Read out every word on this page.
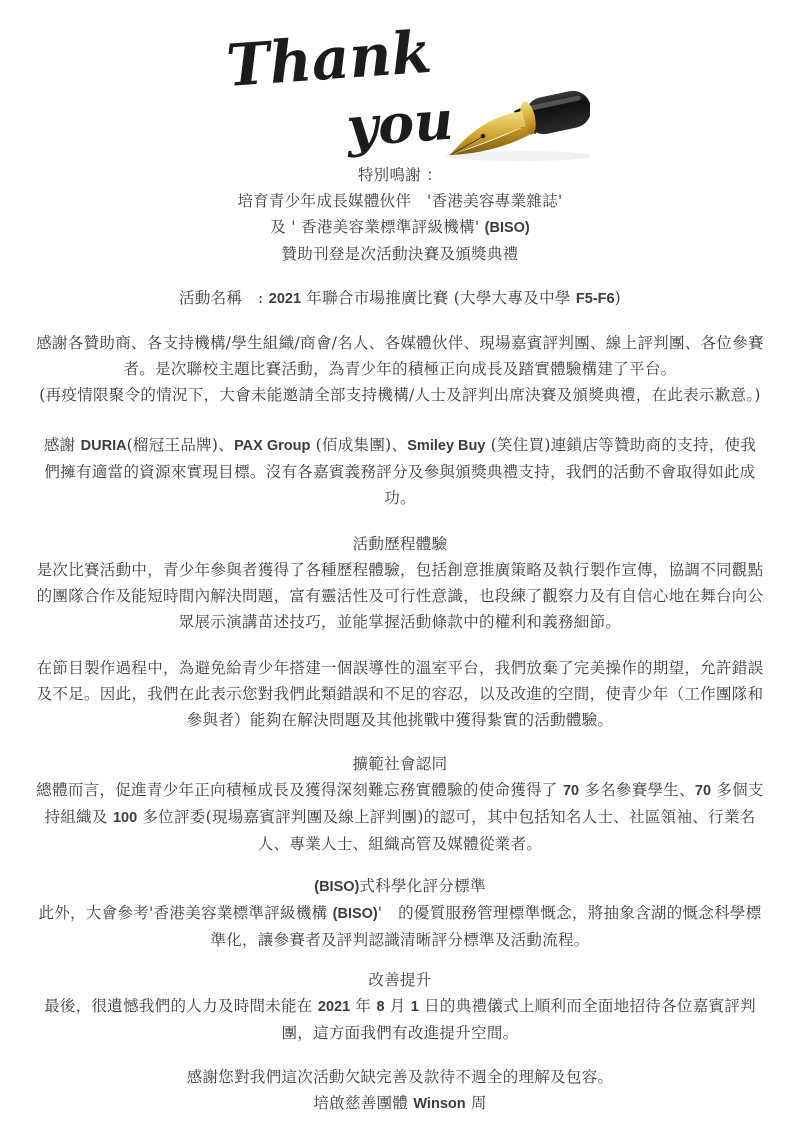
Thank
you

特別鳴謝 ：

培育青少年成長媒體伙伴　'香港美容專業雜誌'

及 ' 香港美容業標準評級機構' (BISO)

贊助刊登是次活動決賽及頒獎典禮

活動名稱　: 2021 年聯合市場推廣比賽 (大學大專及中學 F5-F6)

感謝各贊助商、各支持機構/學生組織/商會/名人、各媒體伙伴、現場嘉賓評判團、線上評判團、各位參賽者。是次聯校主題比賽活動，為青少年的積極正向成長及踏實體驗構建了平台。

(再疫情限聚令的情況下，大會未能邀請全部支持機構/人士及評判出席決賽及頒獎典禮，在此表示歉意。)

感謝 DURIA(榴冠王品牌)、PAX Group (佰成集團)、Smiley Buy (笑住買)連鎖店等贊助商的支持，使我們擁有適當的資源來實現目標。沒有各嘉賓義務評分及參與頒獎典禮支持，我們的活動不會取得如此成功。

活動歷程體驗

是次比賽活動中，青少年參與者獲得了各種歷程體驗，包括創意推廣策略及執行製作宣傳，協調不同觀點的團隊合作及能短時間內解決問題，富有靈活性及可行性意識，也段練了觀察力及有自信心地在舞台向公眾展示演講苗述技巧，並能掌握活動條款中的權利和義務細節。

在節目製作過程中，為避免給青少年搭建一個誤導性的溫室平台，我們放棄了完美操作的期望，允許錯誤及不足。因此，我們在此表示您對我們此類錯誤和不足的容忍，以及改進的空間，使青少年（工作團隊和參與者）能夠在解決問題及其他挑戰中獲得紮實的活動體驗。

擴範社會認同

總體而言，促進青少年正向積極成長及獲得深刻難忘務實體驗的使命獲得了 70 多名參賽學生、70 多個支持組織及 100 多位評委(現場嘉賓評判團及線上評判團)的認可，其中包括知名人士、社區領袖、行業名人、專業人士、組織高管及媒體從業者。

(BISO)式科學化評分標準

此外，大會參考'香港美容業標準評級機構 (BISO)'　的優質服務管理標準慨念，將抽象含湖的慨念科學標準化，讓參賽者及評判認識清晰評分標準及活動流程。

改善提升

最後，很遺憾我們的人力及時間未能在 2021 年 8 月 1 日的典禮儀式上順利而全面地招待各位嘉賓評判團，這方面我們有改進提升空間。

感謝您對我們這次活動欠缺完善及款待不週全的理解及包容。

培啟慈善團體 Winson 周
